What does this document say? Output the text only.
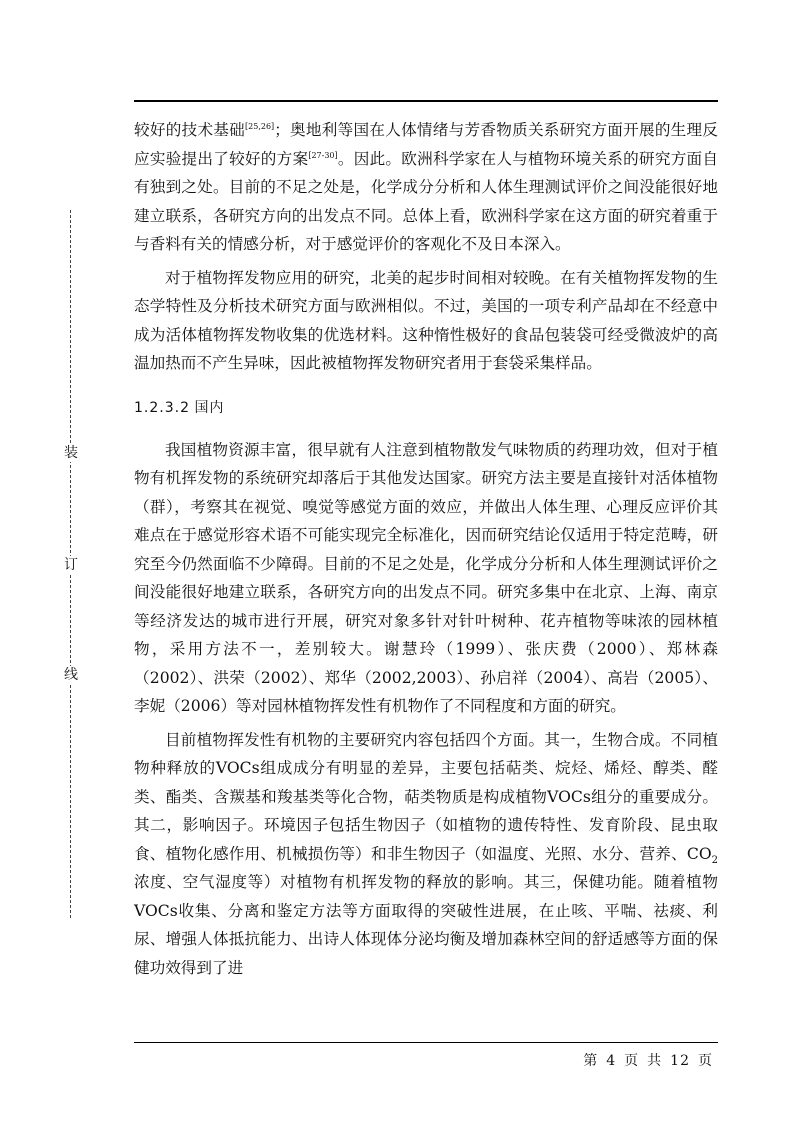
装
订
线

较好的技术基础[25,26]；奥地利等国在人体情绪与芳香物质关系研究方面开展的生理反应实验提出了较好的方案[27-30]。因此。欧洲科学家在人与植物环境关系的研究方面自有独到之处。目前的不足之处是，化学成分分析和人体生理测试评价之间没能很好地建立联系，各研究方向的出发点不同。总体上看，欧洲科学家在这方面的研究着重于与香料有关的情感分析，对于感觉评价的客观化不及日本深入。

对于植物挥发物应用的研究，北美的起步时间相对较晚。在有关植物挥发物的生态学特性及分析技术研究方面与欧洲相似。不过，美国的一项专利产品却在不经意中成为活体植物挥发物收集的优选材料。这种惰性极好的食品包装袋可经受微波炉的高温加热而不产生异味，因此被植物挥发物研究者用于套袋采集样品。

1.2.3.2 国内

我国植物资源丰富，很早就有人注意到植物散发气味物质的药理功效，但对于植物有机挥发物的系统研究却落后于其他发达国家。研究方法主要是直接针对活体植物（群），考察其在视觉、嗅觉等感觉方面的效应，并做出人体生理、心理反应评价其难点在于感觉形容术语不可能实现完全标准化，因而研究结论仅适用于特定范畴，研究至今仍然面临不少障碍。目前的不足之处是，化学成分分析和人体生理测试评价之间没能很好地建立联系，各研究方向的出发点不同。研究多集中在北京、上海、南京等经济发达的城市进行开展，研究对象多针对针叶树种、花卉植物等味浓的园林植物，采用方法不一，差别较大。谢慧玲（1999）、张庆费（2000）、郑林森（2002）、洪荣（2002）、郑华（2002,2003）、孙启祥（2004）、高岩（2005）、李妮（2006）等对园林植物挥发性有机物作了不同程度和方面的研究。

目前植物挥发性有机物的主要研究内容包括四个方面。其一，生物合成。不同植物种释放的VOCs组成成分有明显的差异，主要包括萜类、烷烃、烯烃、醇类、醛类、酯类、含羰基和羧基类等化合物，萜类物质是构成植物VOCs组分的重要成分。其二，影响因子。环境因子包括生物因子（如植物的遗传特性、发育阶段、昆虫取食、植物化感作用、机械损伤等）和非生物因子（如温度、光照、水分、营养、$CO_2$浓度、空气湿度等）对植物有机挥发物的释放的影响。其三，保健功能。随着植物VOCs收集、分离和鉴定方法等方面取得的突破性进展，在止咳、平喘、祛痰、利尿、增强人体抵抗能力、出诗人体现体分泌均衡及增加森林空间的舒适感等方面的保健功效得到了进

第 4 页 共 12 页
